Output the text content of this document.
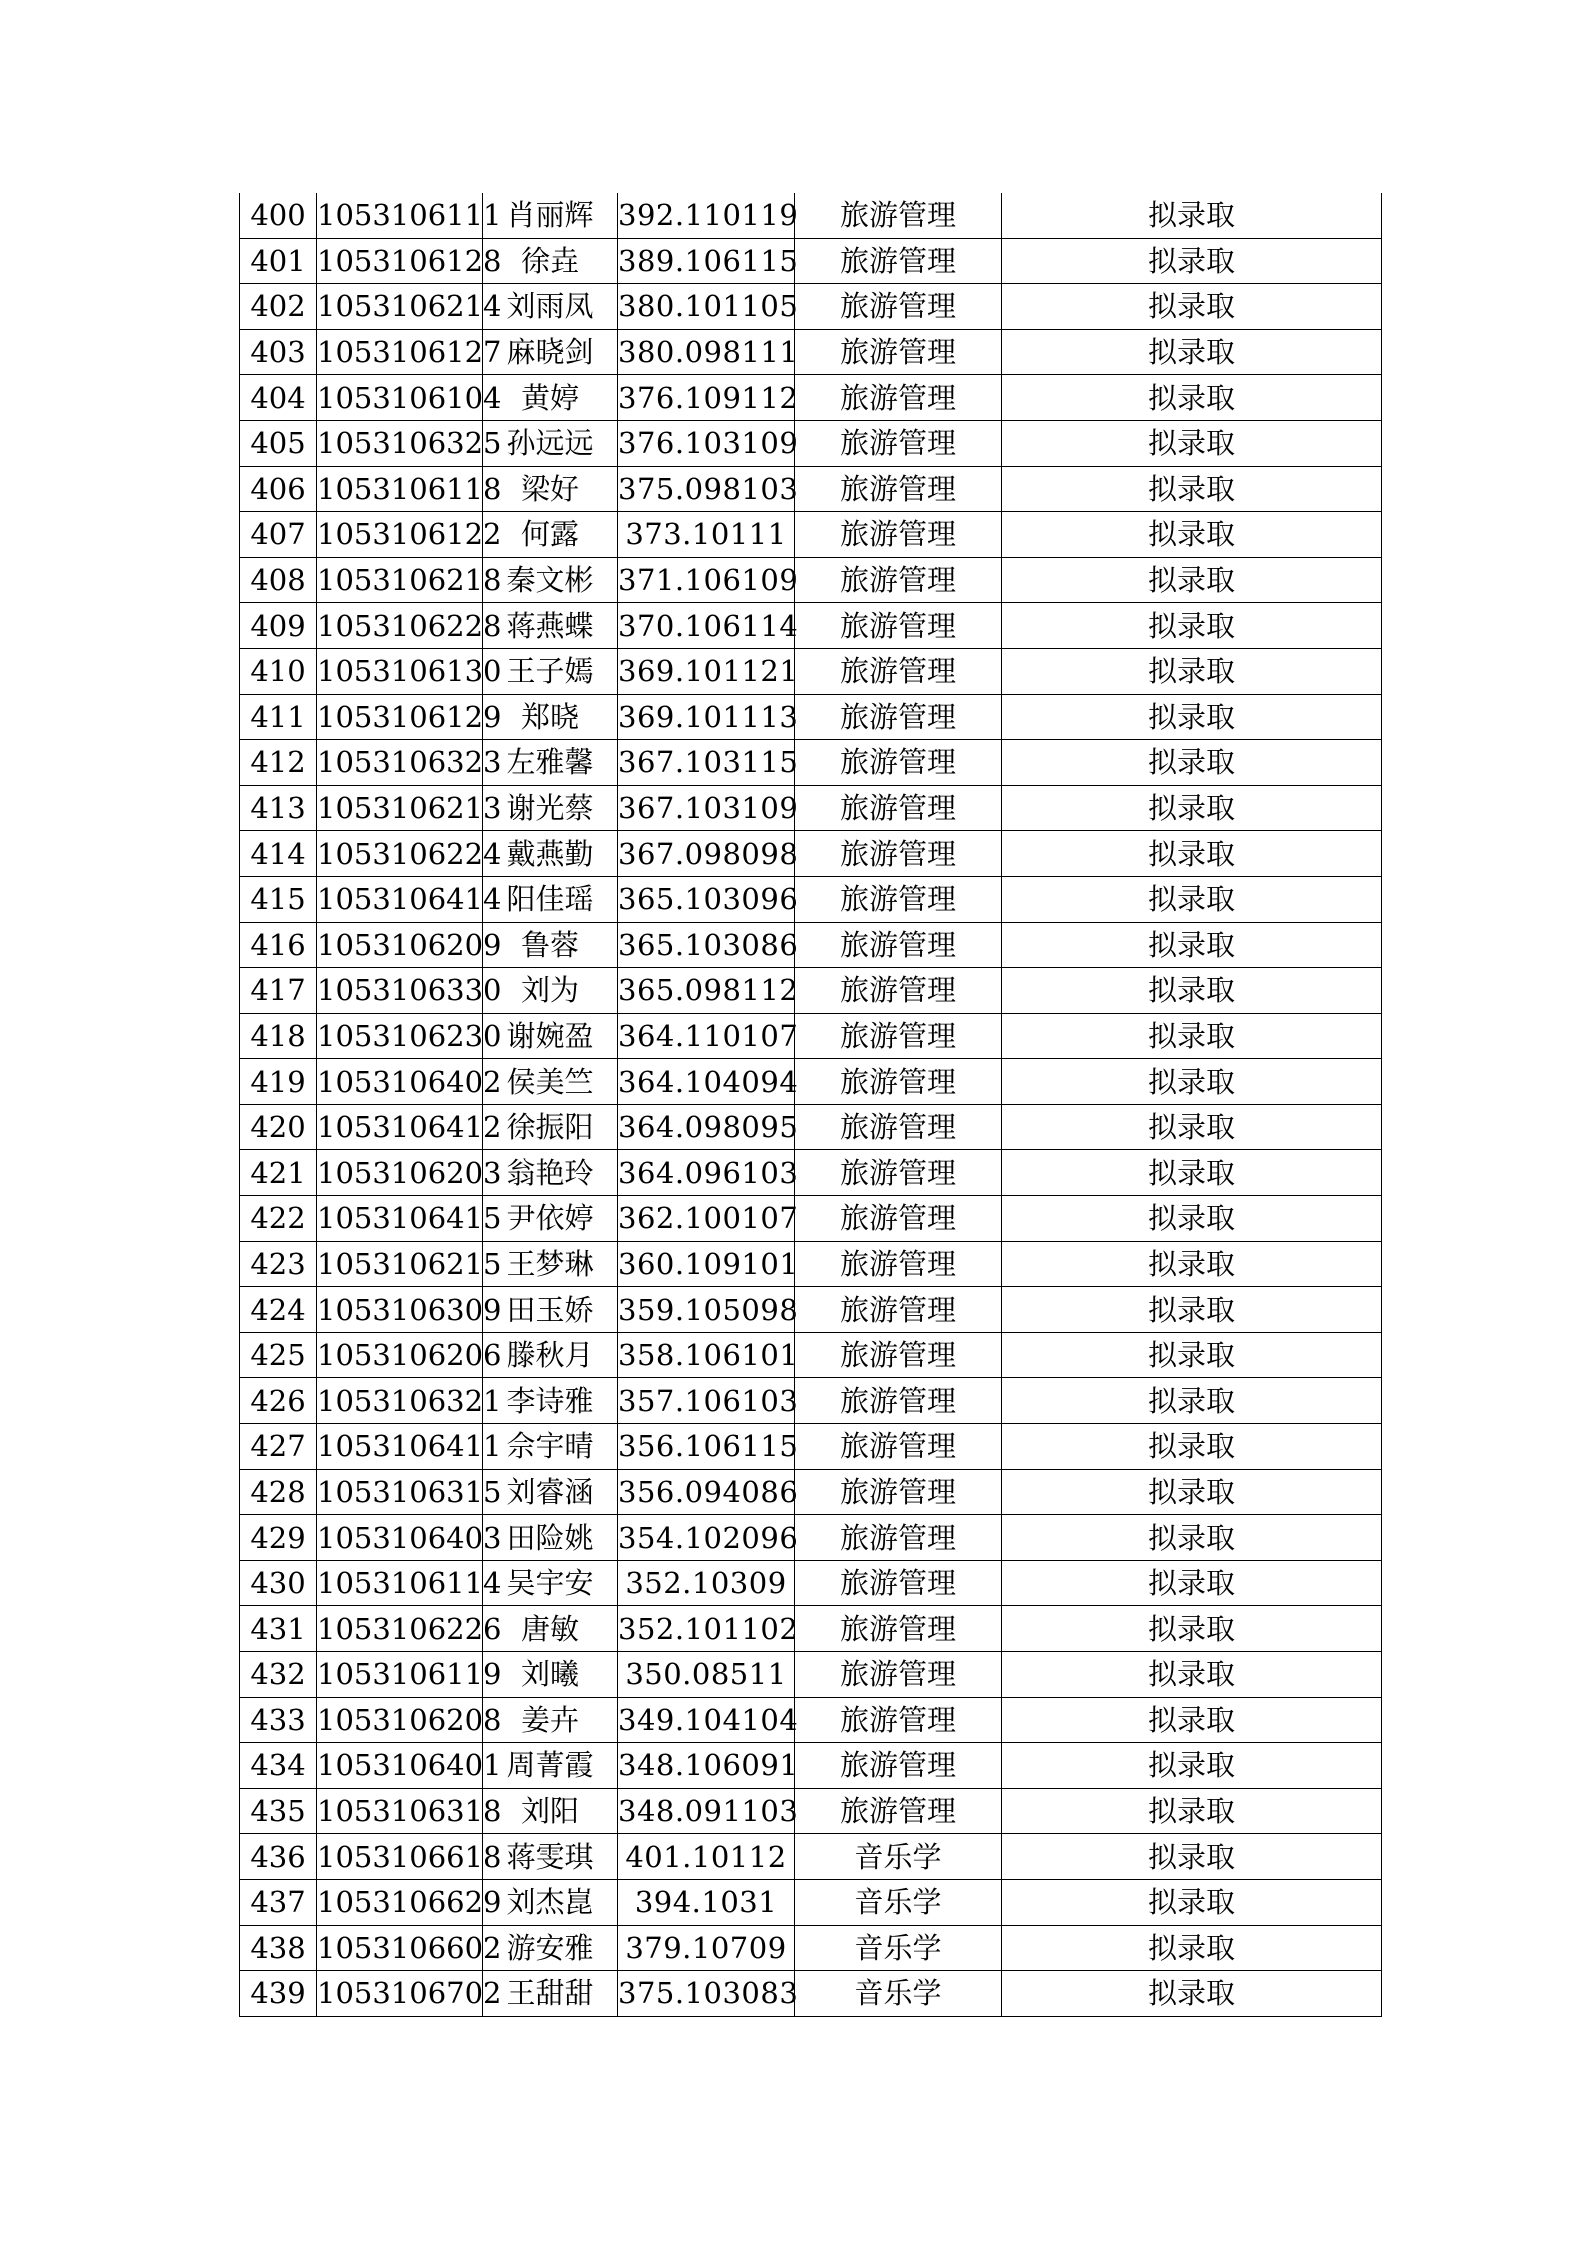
400	1053106111	肖丽辉	392.110119	旅游管理	拟录取
401	1053106128	徐垚	389.106115	旅游管理	拟录取
402	1053106214	刘雨凤	380.101105	旅游管理	拟录取
403	1053106127	麻晓剑	380.098111	旅游管理	拟录取
404	1053106104	黄婷	376.109112	旅游管理	拟录取
405	1053106325	孙远远	376.103109	旅游管理	拟录取
406	1053106118	梁好	375.098103	旅游管理	拟录取
407	1053106122	何露	373.10111	旅游管理	拟录取
408	1053106218	秦文彬	371.106109	旅游管理	拟录取
409	1053106228	蒋燕蝶	370.106114	旅游管理	拟录取
410	1053106130	王子嫣	369.101121	旅游管理	拟录取
411	1053106129	郑晓	369.101113	旅游管理	拟录取
412	1053106323	左雅馨	367.103115	旅游管理	拟录取
413	1053106213	谢光蔡	367.103109	旅游管理	拟录取
414	1053106224	戴燕勤	367.098098	旅游管理	拟录取
415	1053106414	阳佳瑶	365.103096	旅游管理	拟录取
416	1053106209	鲁蓉	365.103086	旅游管理	拟录取
417	1053106330	刘为	365.098112	旅游管理	拟录取
418	1053106230	谢婉盈	364.110107	旅游管理	拟录取
419	1053106402	侯美竺	364.104094	旅游管理	拟录取
420	1053106412	徐振阳	364.098095	旅游管理	拟录取
421	1053106203	翁艳玲	364.096103	旅游管理	拟录取
422	1053106415	尹依婷	362.100107	旅游管理	拟录取
423	1053106215	王梦琳	360.109101	旅游管理	拟录取
424	1053106309	田玉娇	359.105098	旅游管理	拟录取
425	1053106206	滕秋月	358.106101	旅游管理	拟录取
426	1053106321	李诗雅	357.106103	旅游管理	拟录取
427	1053106411	佘宇晴	356.106115	旅游管理	拟录取
428	1053106315	刘睿涵	356.094086	旅游管理	拟录取
429	1053106403	田险姚	354.102096	旅游管理	拟录取
430	1053106114	吴宇安	352.10309	旅游管理	拟录取
431	1053106226	唐敏	352.101102	旅游管理	拟录取
432	1053106119	刘曦	350.08511	旅游管理	拟录取
433	1053106208	姜卉	349.104104	旅游管理	拟录取
434	1053106401	周菁霞	348.106091	旅游管理	拟录取
435	1053106318	刘阳	348.091103	旅游管理	拟录取
436	1053106618	蒋雯琪	401.10112	音乐学	拟录取
437	1053106629	刘杰崑	394.1031	音乐学	拟录取
438	1053106602	游安雅	379.10709	音乐学	拟录取
439	1053106702	王甜甜	375.103083	音乐学	拟录取
